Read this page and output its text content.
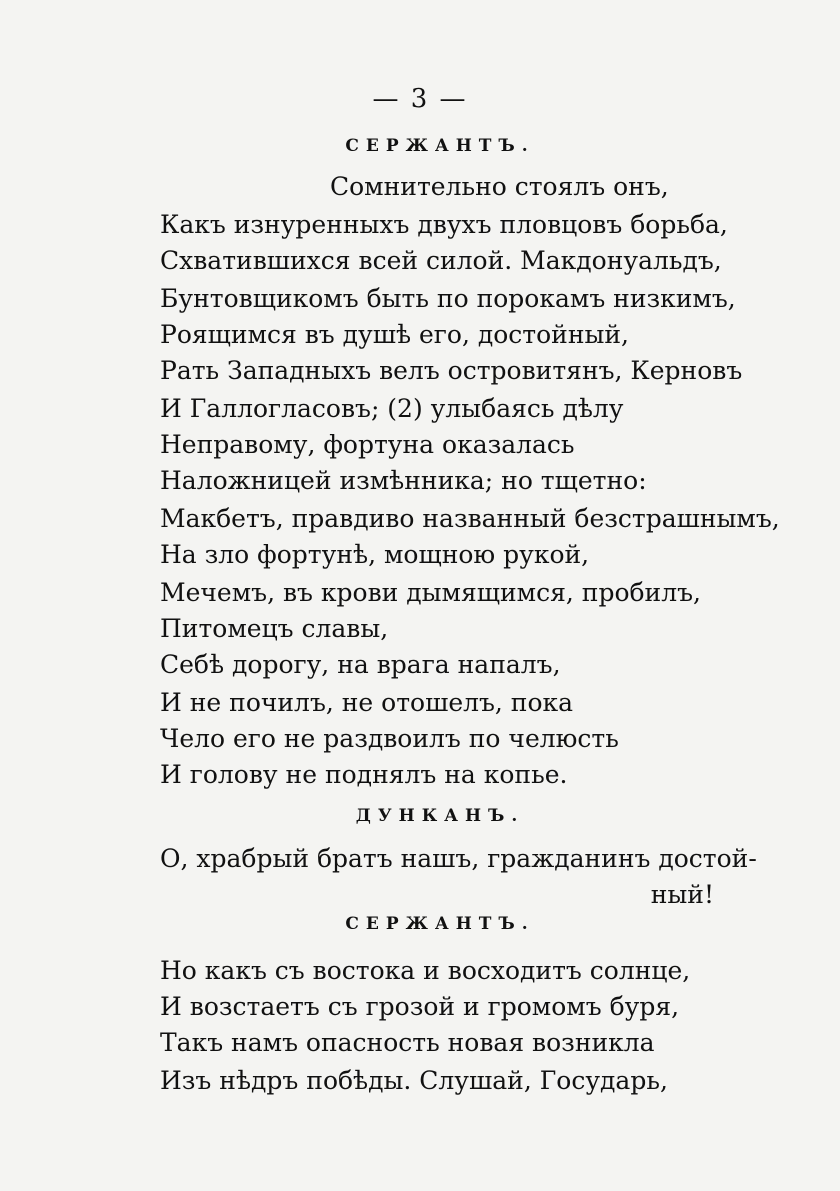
— 3 —
СЕРЖАНТЪ.
Сомнительно стоялъ онъ,
Какъ изнуренныхъ двухъ пловцовъ борьба,
Схватившихся всей силой. Макдонуальдъ,
Бунтовщикомъ быть по порокамъ низкимъ,
Роящимся въ душѣ его, достойный,
Рать Западныхъ велъ островитянъ, Керновъ
И Галлогласовъ; (2) улыбаясь дѣлу
Неправому, фортуна оказалась
Наложницей измѣнника; но тщетно:
Макбетъ, правдиво названный безстрашнымъ,
На зло фортунѣ, мощною рукой,
Мечемъ, въ крови дымящимся, пробилъ,
Питомецъ славы,
Себѣ дорогу, на врага напалъ,
И не почилъ, не отошелъ, пока
Чело его не раздвоилъ по челюсть
И голову не поднялъ на копье.
ДУНКАНЪ.
О, храбрый братъ нашъ, гражданинъ достой-
ный!
СЕРЖАНТЪ.
Но какъ съ востока и восходитъ солнце,
И возстаетъ съ грозой и громомъ буря,
Такъ намъ опасность новая возникла
Изъ нѣдръ побѣды. Слушай, Государь,
